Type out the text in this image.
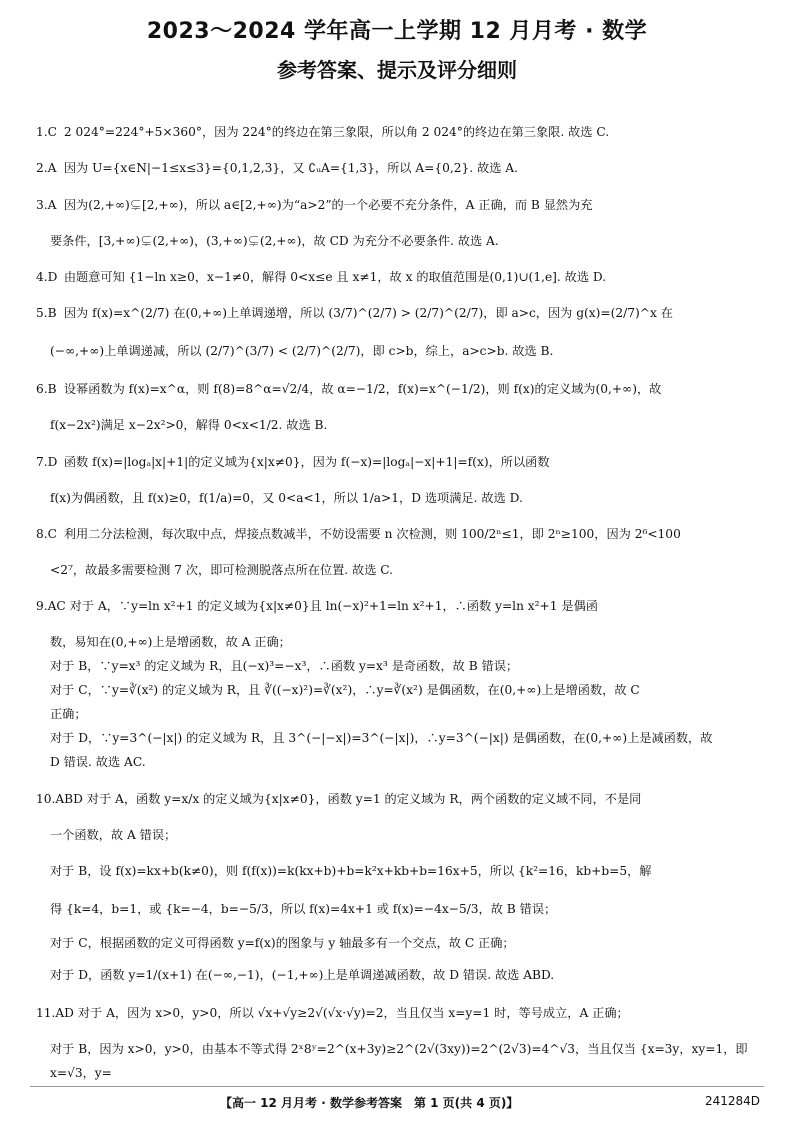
2023～2024 学年高一上学期 12 月月考 · 数学
参考答案、提示及评分细则

1.C 2 024°=224°+5×360°，因为 224°的终边在第三象限，所以角 2 024°的终边在第三象限. 故选 C.

2.A 因为 U={x∈N|−1≤x≤3}={0,1,2,3}，又 ∁ᵤA={1,3}，所以 A={0,2}. 故选 A.

3.A 因为(2,+∞)⊊[2,+∞)，所以 a∈[2,+∞)为“a>2”的一个必要不充分条件，A 正确，而 B 显然为充

要条件，[3,+∞)⊊(2,+∞)，(3,+∞)⊊(2,+∞)，故 CD 为充分不必要条件. 故选 A.

4.D 由题意可知 {1−ln x≥0，x−1≠0，解得 0<x≤e 且 x≠1，故 x 的取值范围是(0,1)∪(1,e]. 故选 D.

5.B 因为 f(x)=x^(2/7) 在(0,+∞)上单调递增，所以 (3/7)^(2/7) > (2/7)^(2/7)，即 a>c，因为 g(x)=(2/7)^x 在

(−∞,+∞)上单调递减，所以 (2/7)^(3/7) < (2/7)^(2/7)，即 c>b，综上，a>c>b. 故选 B.

6.B 设幂函数为 f(x)=x^α，则 f(8)=8^α=√2/4，故 α=−1/2，f(x)=x^(−1/2)，则 f(x)的定义域为(0,+∞)，故

f(x−2x²)满足 x−2x²>0，解得 0<x<1/2. 故选 B.

7.D 函数 f(x)=|logₐ|x|+1|的定义域为{x|x≠0}，因为 f(−x)=|logₐ|−x|+1|=f(x)，所以函数

f(x)为偶函数，且 f(x)≥0，f(1/a)=0，又 0<a<1，所以 1/a>1，D 选项满足. 故选 D.

8.C 利用二分法检测，每次取中点，焊接点数减半，不妨设需要 n 次检测，则 100/2ⁿ≤1，即 2ⁿ≥100，因为 2⁶<100

<2⁷，故最多需要检测 7 次，即可检测脱落点所在位置. 故选 C.

9.AC 对于 A，∵y=ln x²+1 的定义域为{x|x≠0}且 ln(−x)²+1=ln x²+1，∴函数 y=ln x²+1 是偶函

数，易知在(0,+∞)上是增函数，故 A 正确；

对于 B，∵y=x³ 的定义域为 R，且(−x)³=−x³，∴函数 y=x³ 是奇函数，故 B 错误；

对于 C，∵y=∛(x²) 的定义域为 R，且 ∛((−x)²)=∛(x²)，∴y=∛(x²) 是偶函数，在(0,+∞)上是增函数，故 C

正确；

对于 D，∵y=3^(−|x|) 的定义域为 R，且 3^(−|−x|)=3^(−|x|)，∴y=3^(−|x|) 是偶函数，在(0,+∞)上是减函数，故

D 错误. 故选 AC.

10.ABD 对于 A，函数 y=x/x 的定义域为{x|x≠0}，函数 y=1 的定义域为 R，两个函数的定义域不同，不是同

一个函数，故 A 错误；

对于 B，设 f(x)=kx+b(k≠0)，则 f(f(x))=k(kx+b)+b=k²x+kb+b=16x+5，所以 {k²=16，kb+b=5，解

得 {k=4，b=1，或 {k=−4，b=−5/3，所以 f(x)=4x+1 或 f(x)=−4x−5/3，故 B 错误；

对于 C，根据函数的定义可得函数 y=f(x)的图象与 y 轴最多有一个交点，故 C 正确；

对于 D，函数 y=1/(x+1) 在(−∞,−1)，(−1,+∞)上是单调递减函数，故 D 错误. 故选 ABD.

11.AD 对于 A，因为 x>0，y>0，所以 √x+√y≥2√(√x·√y)=2，当且仅当 x=y=1 时，等号成立，A 正确；

对于 B，因为 x>0，y>0，由基本不等式得 2ˣ8ʸ=2^(x+3y)≥2^(2√(3xy))=2^(2√3)=4^√3，当且仅当 {x=3y，xy=1，即 x=√3，y=

【高一 12 月月考 · 数学参考答案　第 1 页(共 4 页)】	241284D
